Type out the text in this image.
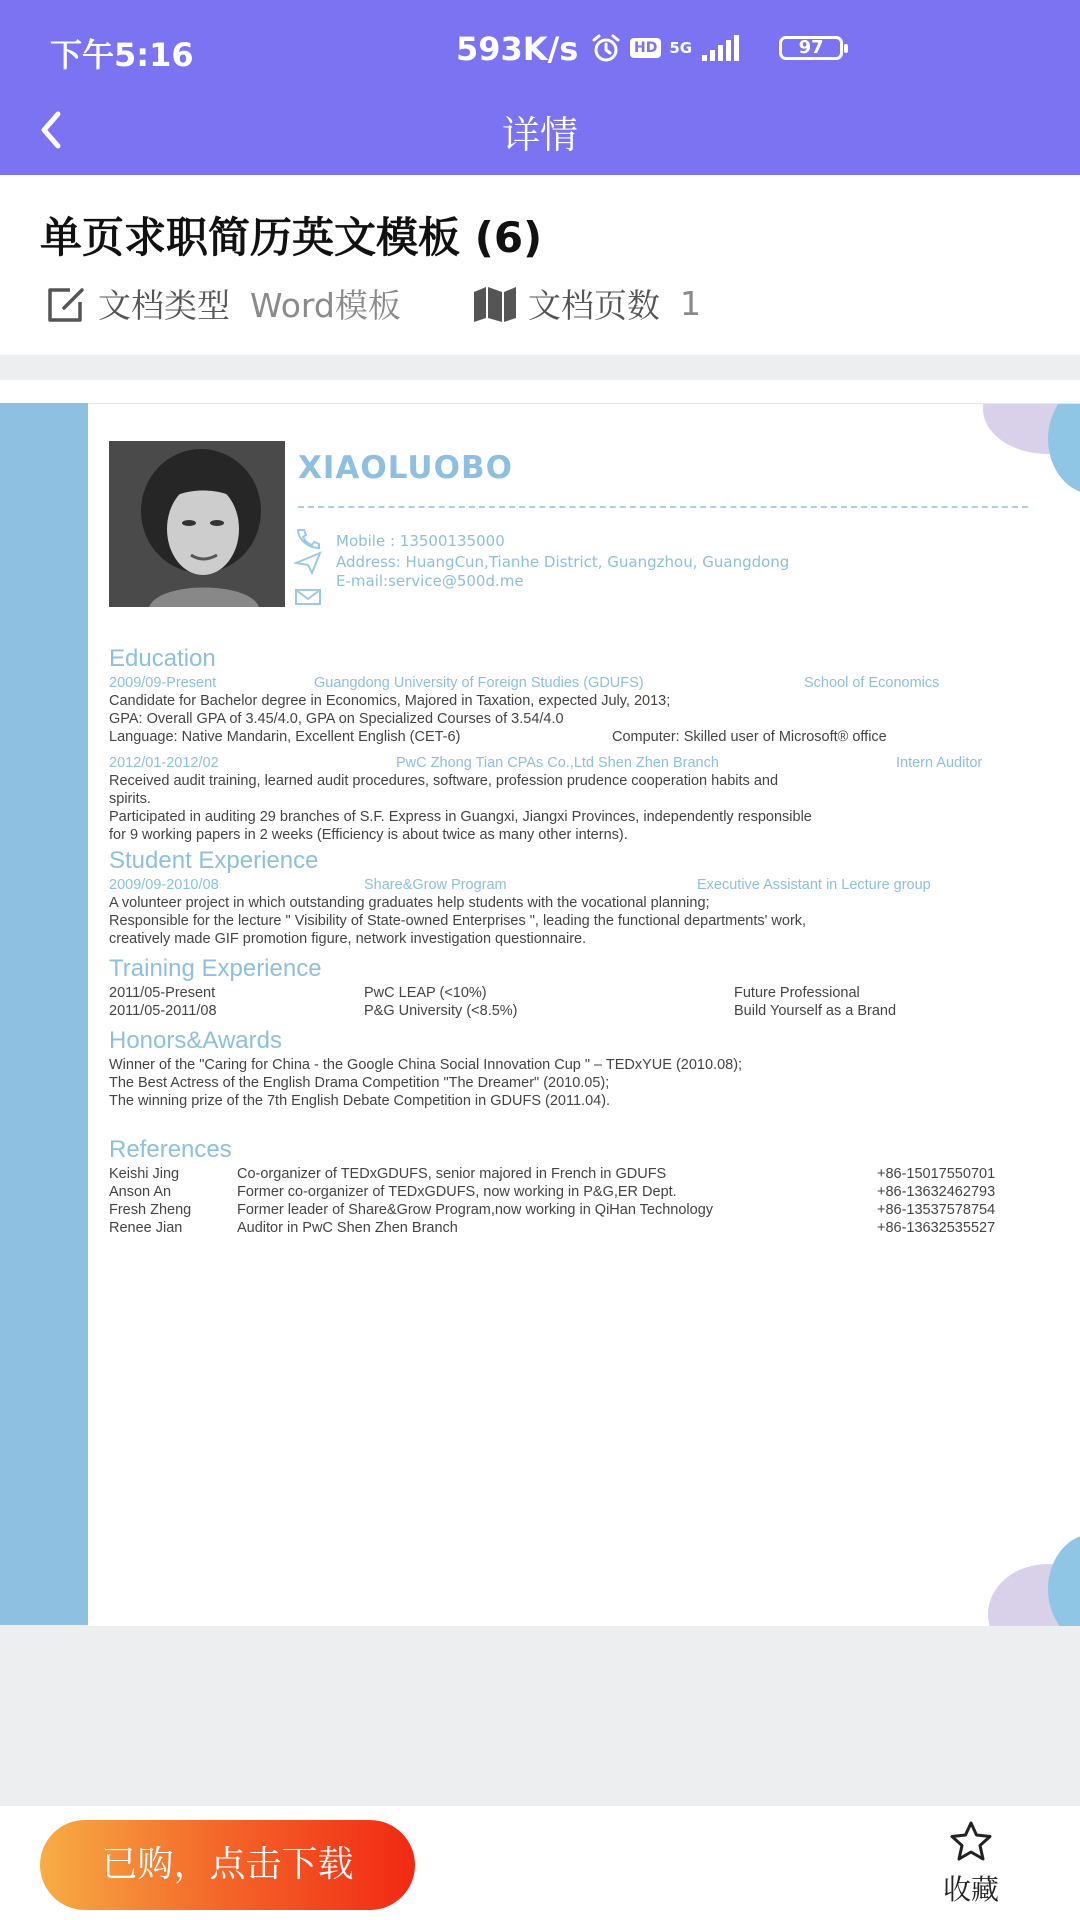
下午5:16	593K/s	HD 5G	97
详情
单页求职简历英文模板 (6)
文档类型 Word模板	文档页数 1
XIAOLUOBO
Mobile : 13500135000
Address: HuangCun,Tianhe District, Guangzhou, Guangdong
E-mail:service@500d.me
Education
2009/09-Present	Guangdong University of Foreign Studies (GDUFS)	School of Economics
Candidate for Bachelor degree in Economics, Majored in Taxation, expected July, 2013;
GPA: Overall GPA of 3.45/4.0, GPA on Specialized Courses of 3.54/4.0
Language: Native Mandarin, Excellent English (CET-6)	Computer: Skilled user of Microsoft® office
2012/01-2012/02	PwC Zhong Tian CPAs Co.,Ltd Shen Zhen Branch	Intern Auditor
Received audit training, learned audit procedures, software, profession prudence cooperation habits and
spirits.
Participated in auditing 29 branches of S.F. Express in Guangxi, Jiangxi Provinces, independently responsible
for 9 working papers in 2 weeks (Efficiency is about twice as many other interns).
Student Experience
2009/09-2010/08	Share&Grow Program	Executive Assistant in Lecture group
A volunteer project in which outstanding graduates help students with the vocational planning;
Responsible for the lecture " Visibility of State-owned Enterprises ", leading the functional departments' work,
creatively made GIF promotion figure, network investigation questionnaire.
Training Experience
2011/05-Present	PwC LEAP (<10%)	Future Professional
2011/05-2011/08	P&G University (<8.5%)	Build Yourself as a Brand
Honors&Awards
Winner of the "Caring for China - the Google China Social Innovation Cup " – TEDxYUE (2010.08);
The Best Actress of the English Drama Competition "The Dreamer" (2010.05);
The winning prize of the 7th English Debate Competition in GDUFS (2011.04).
References
Keishi Jing	Co-organizer of TEDxGDUFS, senior majored in French in GDUFS	+86-15017550701
Anson An	Former co-organizer of TEDxGDUFS, now working in P&G,ER Dept.	+86-13632462793
Fresh Zheng	Former leader of Share&Grow Program,now working in QiHan Technology	+86-13537578754
Renee Jian	Auditor in PwC Shen Zhen Branch	+86-13632535527
已购，点击下载
收藏
